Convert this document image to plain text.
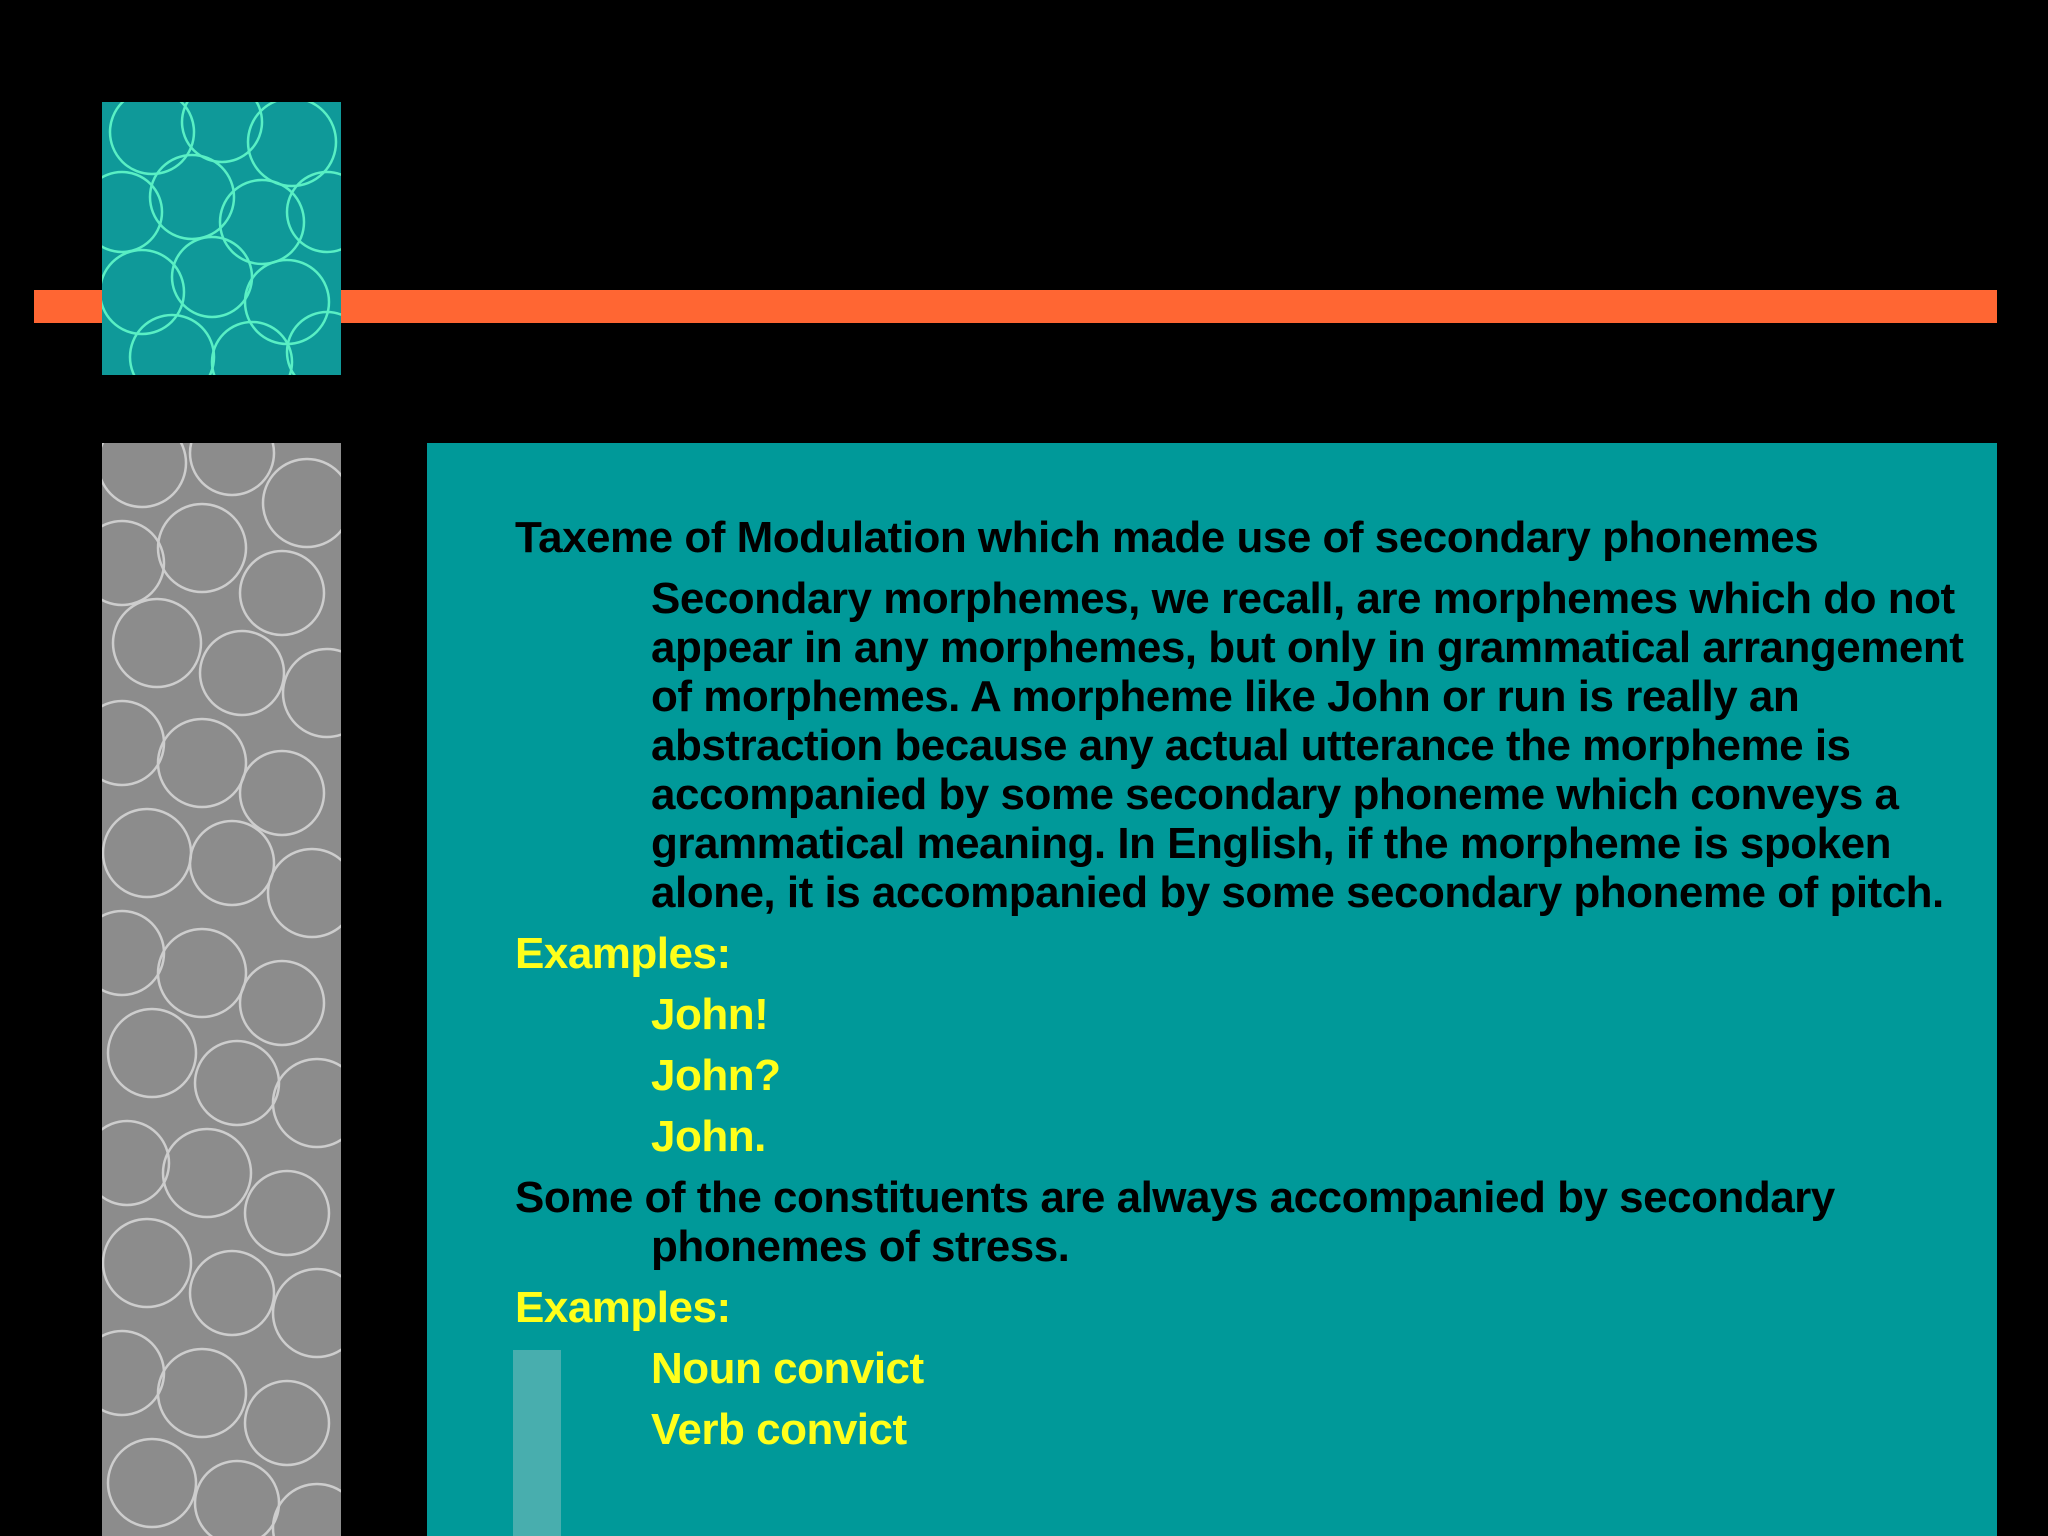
Taxeme of Modulation which made use of secondary phonemes
Secondary morphemes, we recall, are morphemes which do not appear in any morphemes, but only in grammatical arrangement of morphemes. A morpheme like John or run is really an abstraction because any actual utterance the morpheme is accompanied by some secondary phoneme which conveys a grammatical meaning. In English, if the morpheme is spoken alone, it is accompanied by some secondary phoneme of pitch.
Examples:
John!
John?
John.
Some of the constituents are always accompanied by secondary phonemes of stress.
Examples:
Noun convict
Verb convict
